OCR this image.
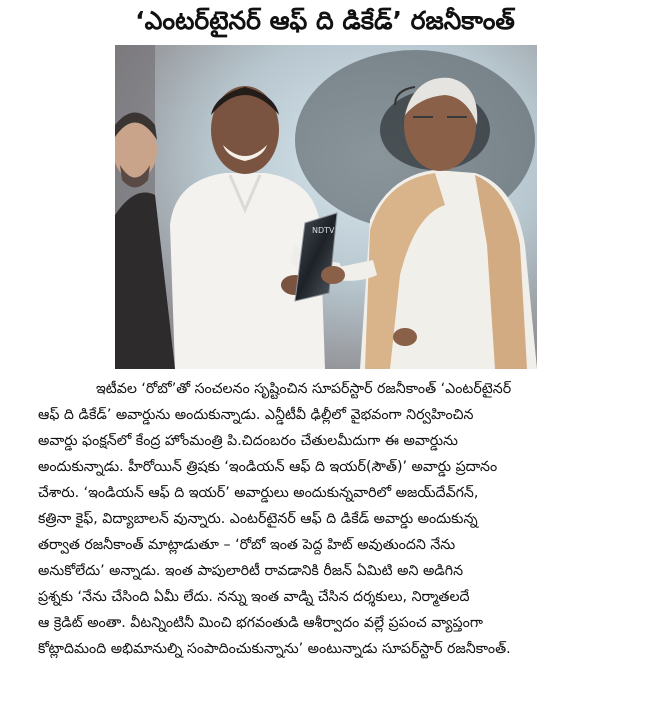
‘ఎంటర్‌టైనర్ ఆఫ్ ది డికేడ్’ రజనీకాంత్
NDTV
ఇటీవల ‘రోబో’తో సంచలనం సృష్టించిన సూపర్‌స్టార్ రజనీకాంత్ ‘ఎంటర్‌టైనర్
ఆఫ్ ది డికేడ్’ అవార్డును అందుకున్నాడు. ఎన్డీటీవీ ఢిల్లీలో వైభవంగా నిర్వహించిన
అవార్డు ఫంక్షన్‌లో కేంద్ర హోంమంత్రి పి.చిదంబరం చేతులమీదుగా ఈ అవార్డును
అందుకున్నాడు. హీరోయిన్ త్రిషకు ‘ఇండియన్ ఆఫ్ ది ఇయర్(సౌత్)’ అవార్డు ప్రదానం
చేశారు. ‘ఇండియన్ ఆఫ్ ది ఇయర్’ అవార్డులు అందుకున్నవారిలో అజయ్‌దేవ్‌గన్,
కత్రినా కైఫ్, విద్యాబాలన్ వున్నారు. ఎంటర్‌టైనర్ ఆఫ్ ది డికేడ్ అవార్డు అందుకున్న
తర్వాత రజనీకాంత్ మాట్లాడుతూ – ‘రోబో ఇంత పెద్ద హిట్ అవుతుందని నేను
అనుకోలేదు’ అన్నాడు. ఇంత పాపులారిటీ రావడానికి రీజన్ ఏమిటి అని అడిగిన
ప్రశ్నకు ‘నేను చేసింది ఏమీ లేదు. నన్ను ఇంత వాడ్ని చేసిన దర్శకులు, నిర్మాతలదే
ఆ క్రెడిట్ అంతా. వీటన్నింటినీ మించి భగవంతుడి ఆశీర్వాదం వల్లే ప్రపంచ వ్యాప్తంగా
కోట్లాదిమంది అభిమానుల్ని సంపాదించుకున్నాను’ అంటున్నాడు సూపర్‌స్టార్ రజనీకాంత్.
